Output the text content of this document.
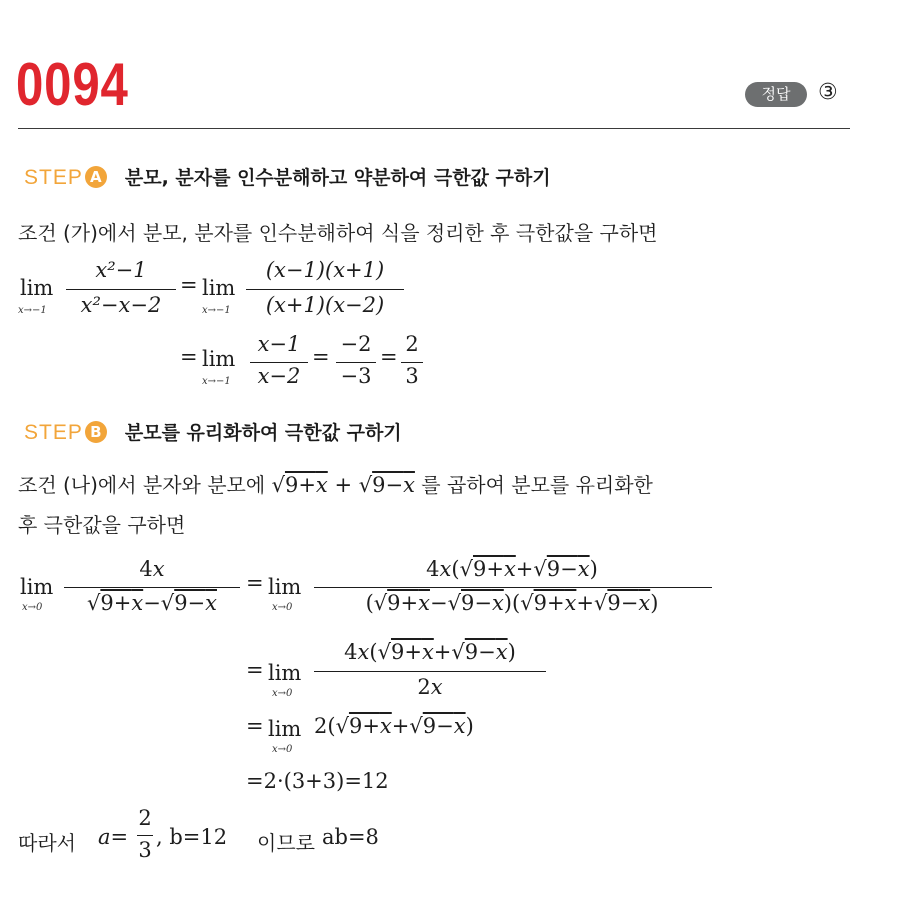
0094	정답	③
STEP A 분모, 분자를 인수분해하고 약분하여 극한값 구하기
조건 (가)에서 분모, 분자를 인수분해하여 식을 정리한 후 극한값을 구하면
lim
x→−1
x²−1
x²−x−2
= lim
x→−1
(x−1)(x+1)
(x+1)(x−2)
= lim
x→−1
x−1
x−2
=
−2
−3
=
2
3
STEP B 분모를 유리화하여 극한값 구하기
조건 (나)에서 분자와 분모에 √9+x + √9−x 를 곱하여 분모를 유리화한
후 극한값을 구하면
lim
x→0
4x
√9+x−√9−x
= lim
x→0
4x(√9+x+√9−x)
(√9+x−√9−x)(√9+x+√9−x)
= lim
x→0
4x(√9+x+√9−x)
2x
= lim
x→0
2(√9+x+√9−x)
=2·(3+3)=12
따라서 a=
2
3
, b=12 이므로 ab=8
